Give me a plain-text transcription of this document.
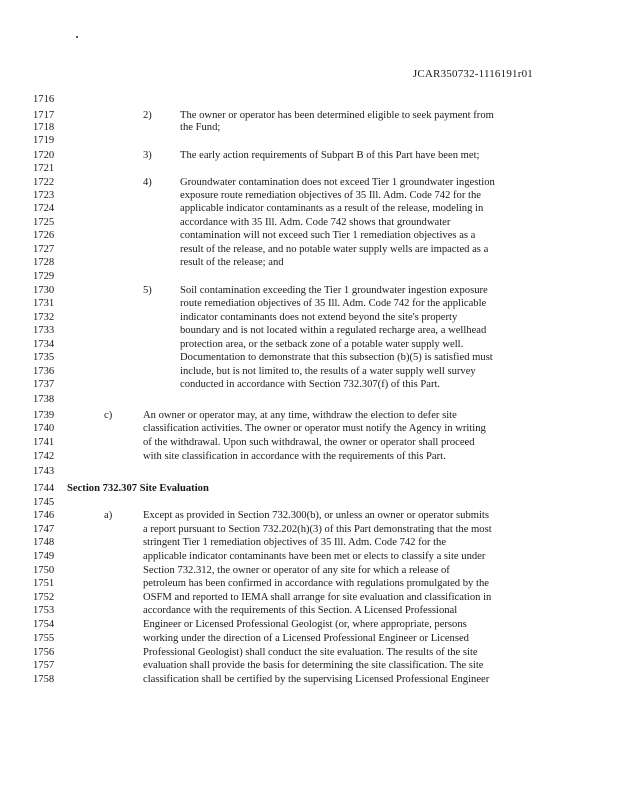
JCAR350732-1116191r01
1716
1717
1718
1719
1720
1721
1722
1723
1724
1725
1726
1727
1728
1729
1730
1731
1732
1733
1734
1735
1736
1737
1738
1739
1740
1741
1742
1743
1744
1745
1746
1747
1748
1749
1750
1751
1752
1753
1754
1755
1756
1757
1758
2)	The owner or operator has been determined eligible to seek payment from
the Fund;
3)	The early action requirements of Subpart B of this Part have been met;
4)	Groundwater contamination does not exceed Tier 1 groundwater ingestion
exposure route remediation objectives of 35 Ill. Adm. Code 742 for the
applicable indicator contaminants as a result of the release, modeling in
accordance with 35 Ill. Adm. Code 742 shows that groundwater
contamination will not exceed such Tier 1 remediation objectives as a
result of the release, and no potable water supply wells are impacted as a
result of the release; and
5)	Soil contamination exceeding the Tier 1 groundwater ingestion exposure
route remediation objectives of 35 Ill. Adm. Code 742 for the applicable
indicator contaminants does not extend beyond the site's property
boundary and is not located within a regulated recharge area, a wellhead
protection area, or the setback zone of a potable water supply well.
Documentation to demonstrate that this subsection (b)(5) is satisfied must
include, but is not limited to, the results of a water supply well survey
conducted in accordance with Section 732.307(f) of this Part.
c)	An owner or operator may, at any time, withdraw the election to defer site
classification activities. The owner or operator must notify the Agency in writing
of the withdrawal. Upon such withdrawal, the owner or operator shall proceed
with site classification in accordance with the requirements of this Part.
Section 732.307 Site Evaluation
a)	Except as provided in Section 732.300(b), or unless an owner or operator submits
a report pursuant to Section 732.202(h)(3) of this Part demonstrating that the most
stringent Tier 1 remediation objectives of 35 Ill. Adm. Code 742 for the
applicable indicator contaminants have been met or elects to classify a site under
Section 732.312, the owner or operator of any site for which a release of
petroleum has been confirmed in accordance with regulations promulgated by the
OSFM and reported to IEMA shall arrange for site evaluation and classification in
accordance with the requirements of this Section. A Licensed Professional
Engineer or Licensed Professional Geologist (or, where appropriate, persons
working under the direction of a Licensed Professional Engineer or Licensed
Professional Geologist) shall conduct the site evaluation. The results of the site
evaluation shall provide the basis for determining the site classification. The site
classification shall be certified by the supervising Licensed Professional Engineer
